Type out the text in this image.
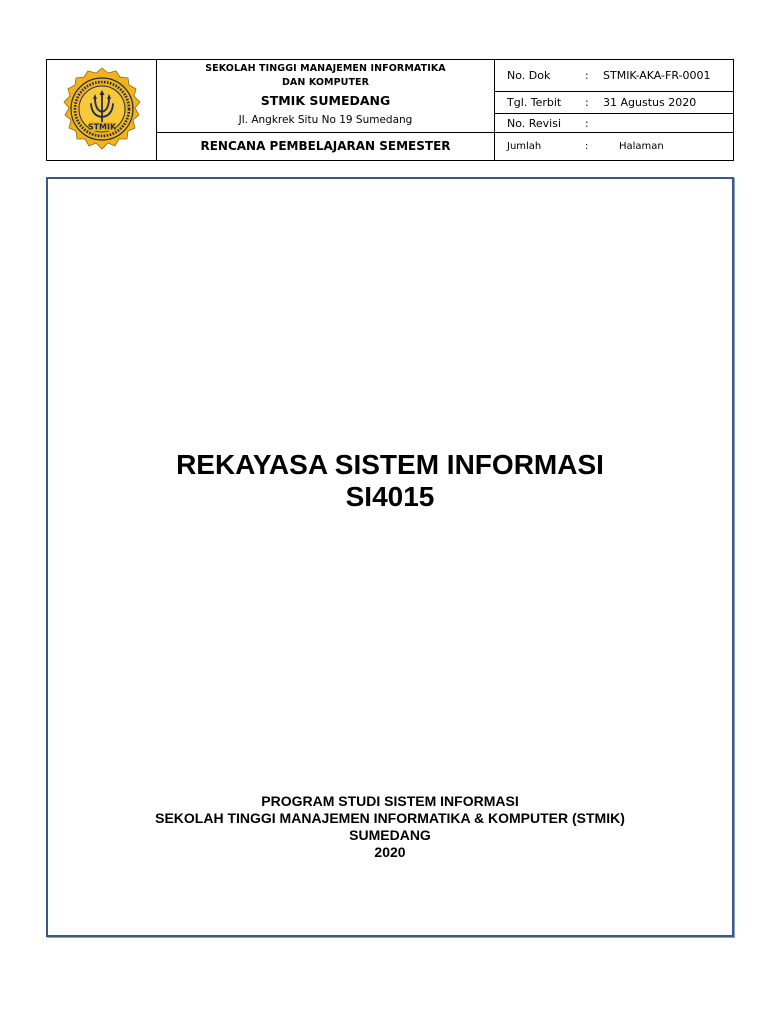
STMIK
SEKOLAH TINGGI MANAJEMEN INFORMATIKA DAN KOMPUTER
STMIK SUMEDANG
Jl. Angkrek Situ No 19 Sumedang
RENCANA PEMBELAJARAN SEMESTER
No. Dok	: STMIK-AKA-FR-0001
Tgl. Terbit : 31 Agustus 2020
No. Revisi :
Jumlah	:	Halaman
REKAYASA SISTEM INFORMASI
SI4015
PROGRAM STUDI SISTEM INFORMASI
SEKOLAH TINGGI MANAJEMEN INFORMATIKA & KOMPUTER (STMIK)
SUMEDANG
2020
